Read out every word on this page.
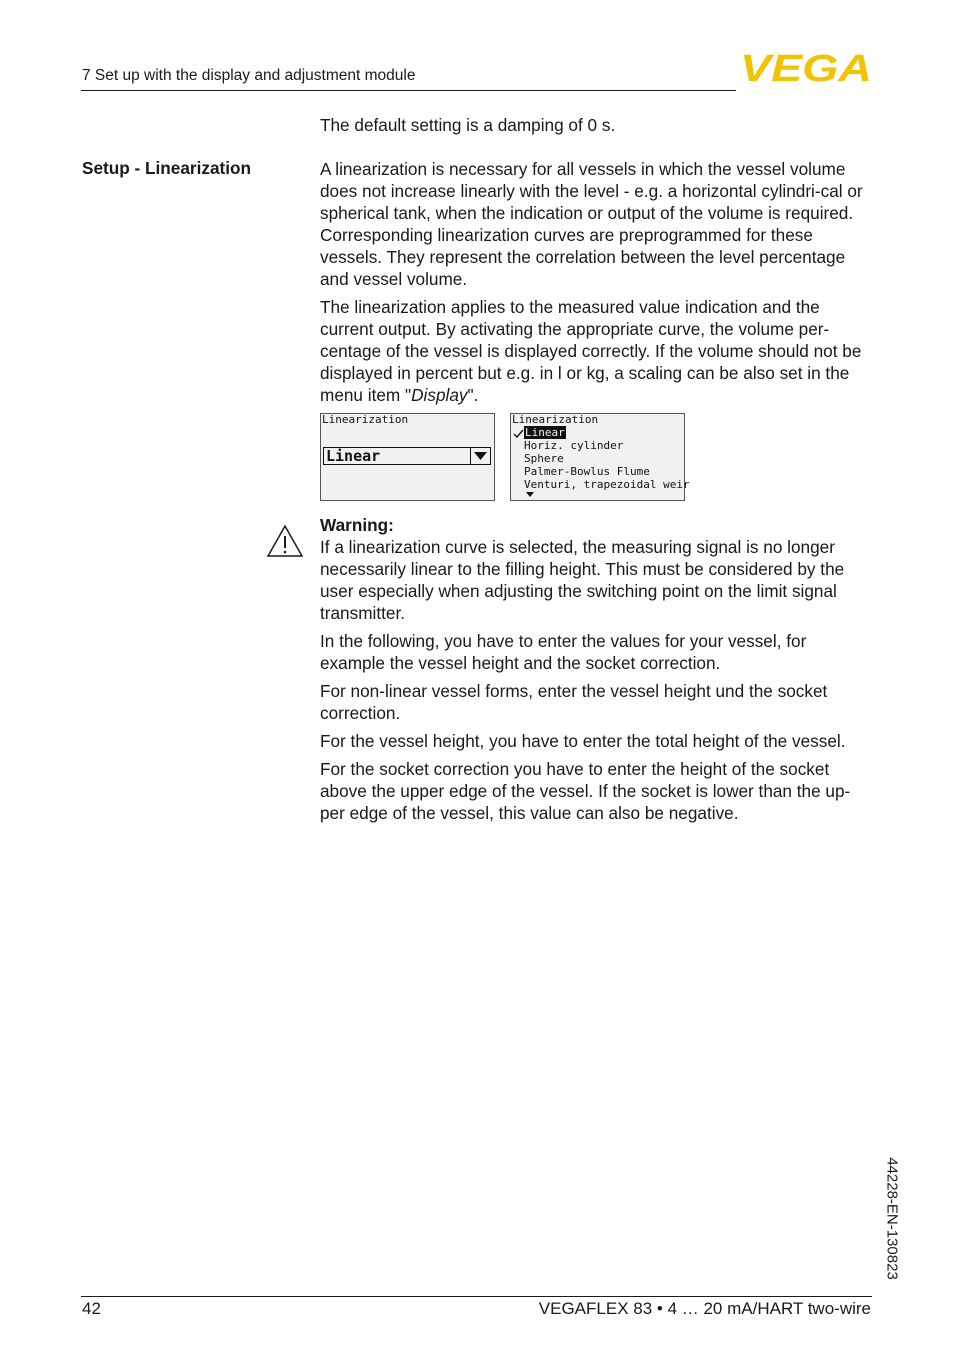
7 Set up with the display and adjustment module	VEGA
The default setting is a damping of 0 s.
Setup - Linearization	A linearization is necessary for all vessels in which the vessel volume does not increase linearly with the level - e.g. a horizontal cylindri-cal or spherical tank, when the indication or output of the volume is required. Corresponding linearization curves are preprogrammed for these vessels. They represent the correlation between the level percentage and vessel volume.

The linearization applies to the measured value indication and the current output. By activating the appropriate curve, the volume per-centage of the vessel is displayed correctly. If the volume should not be displayed in percent but e.g. in l or kg, a scaling can be also set in the menu item "Display".

Linearization
Linear
Linearization
Linear
Horiz. cylinder
Sphere
Palmer-Bowlus Flume
Venturi, trapezoidal weir
Warning:

If a linearization curve is selected, the measuring signal is no longer necessarily linear to the filling height. This must be considered by the user especially when adjusting the switching point on the limit signal transmitter.

In the following, you have to enter the values for your vessel, for example the vessel height and the socket correction.

For non-linear vessel forms, enter the vessel height und the socket correction.

For the vessel height, you have to enter the total height of the vessel.

For the socket correction you have to enter the height of the socket above the upper edge of the vessel. If the socket is lower than the up-per edge of the vessel, this value can also be negative.

44228-EN-130823
42	VEGAFLEX 83 • 4 … 20 mA/HART two-wire
